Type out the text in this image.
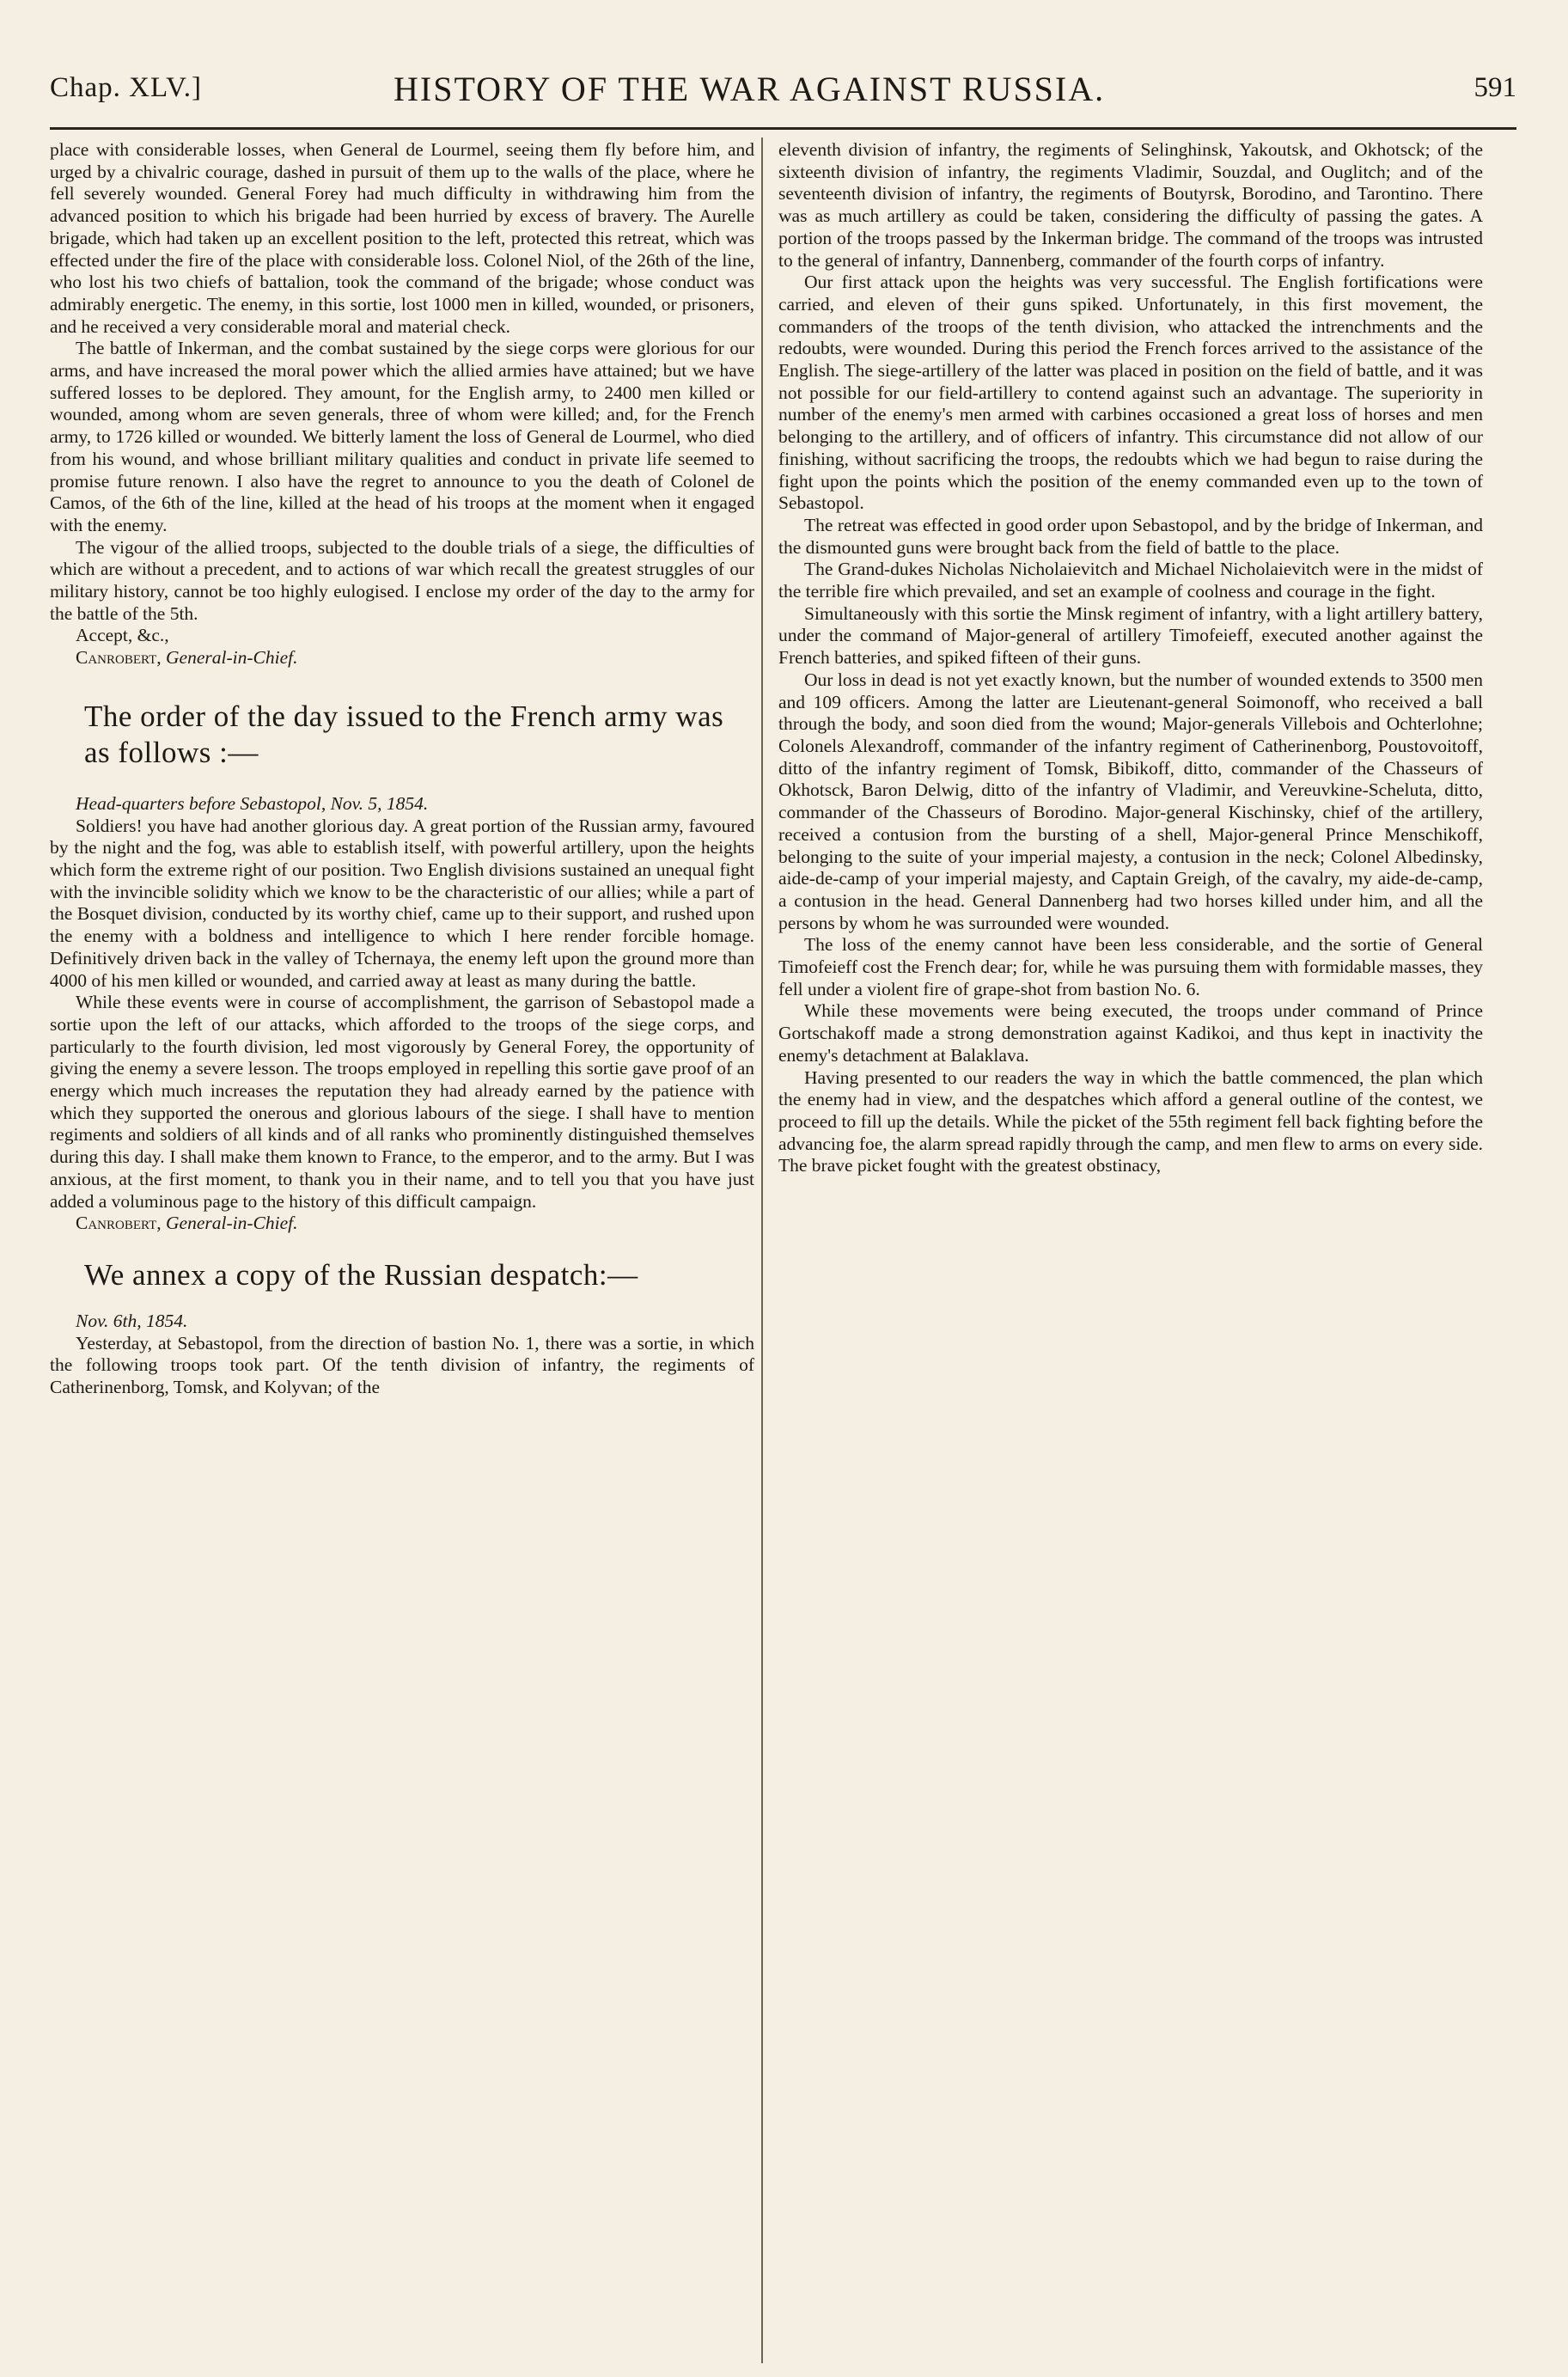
Chap. XLV.]	HISTORY OF THE WAR AGAINST RUSSIA.	591

place with considerable losses, when General de Lourmel, seeing them fly before him, and urged by a chivalric courage, dashed in pursuit of them up to the walls of the place, where he fell severely wounded. General Forey had much difficulty in withdrawing him from the advanced position to which his brigade had been hurried by excess of bravery. The Aurelle brigade, which had taken up an excellent position to the left, protected this retreat, which was effected under the fire of the place with considerable loss. Colonel Niol, of the 26th of the line, who lost his two chiefs of battalion, took the command of the brigade; whose conduct was admirably energetic. The enemy, in this sortie, lost 1000 men in killed, wounded, or prisoners, and he received a very considerable moral and material check.

The battle of Inkerman, and the combat sustained by the siege corps were glorious for our arms, and have increased the moral power which the allied armies have attained; but we have suffered losses to be deplored. They amount, for the English army, to 2400 men killed or wounded, among whom are seven generals, three of whom were killed; and, for the French army, to 1726 killed or wounded. We bitterly lament the loss of General de Lourmel, who died from his wound, and whose brilliant military qualities and conduct in private life seemed to promise future renown. I also have the regret to announce to you the death of Colonel de Camos, of the 6th of the line, killed at the head of his troops at the moment when it engaged with the enemy.

The vigour of the allied troops, subjected to the double trials of a siege, the difficulties of which are without a precedent, and to actions of war which recall the greatest struggles of our military history, cannot be too highly eulogised. I enclose my order of the day to the army for the battle of the 5th.

Accept, &c.,

Canrobert, General-in-Chief.

The order of the day issued to the French army was as follows :—

Head-quarters before Sebastopol, Nov. 5, 1854.

Soldiers! you have had another glorious day. A great portion of the Russian army, favoured by the night and the fog, was able to establish itself, with powerful artillery, upon the heights which form the extreme right of our position. Two English divisions sustained an unequal fight with the invincible solidity which we know to be the characteristic of our allies; while a part of the Bosquet division, conducted by its worthy chief, came up to their support, and rushed upon the enemy with a boldness and intelligence to which I here render forcible homage. Definitively driven back in the valley of Tchernaya, the enemy left upon the ground more than 4000 of his men killed or wounded, and carried away at least as many during the battle.

While these events were in course of accomplishment, the garrison of Sebastopol made a sortie upon the left of our attacks, which afforded to the troops of the siege corps, and particularly to the fourth division, led most vigorously by General Forey, the opportunity of giving the enemy a severe lesson. The troops employed in repelling this sortie gave proof of an energy which much increases the reputation they had already earned by the patience with which they supported the onerous and glorious labours of the siege. I shall have to mention regiments and soldiers of all kinds and of all ranks who prominently distinguished themselves during this day. I shall make them known to France, to the emperor, and to the army. But I was anxious, at the first moment, to thank you in their name, and to tell you that you have just added a voluminous page to the history of this difficult campaign.

Canrobert, General-in-Chief.

We annex a copy of the Russian despatch:—

Nov. 6th, 1854.

Yesterday, at Sebastopol, from the direction of bastion No. 1, there was a sortie, in which the following troops took part. Of the tenth division of infantry, the regiments of Catherinenborg, Tomsk, and Kolyvan; of the

eleventh division of infantry, the regiments of Selinghinsk, Yakoutsk, and Okhotsck; of the sixteenth division of infantry, the regiments Vladimir, Souzdal, and Ouglitch; and of the seventeenth division of infantry, the regiments of Boutyrsk, Borodino, and Tarontino. There was as much artillery as could be taken, considering the difficulty of passing the gates. A portion of the troops passed by the Inkerman bridge. The command of the troops was intrusted to the general of infantry, Dannenberg, commander of the fourth corps of infantry.

Our first attack upon the heights was very successful. The English fortifications were carried, and eleven of their guns spiked. Unfortunately, in this first movement, the commanders of the troops of the tenth division, who attacked the intrenchments and the redoubts, were wounded. During this period the French forces arrived to the assistance of the English. The siege-artillery of the latter was placed in position on the field of battle, and it was not possible for our field-artillery to contend against such an advantage. The superiority in number of the enemy's men armed with carbines occasioned a great loss of horses and men belonging to the artillery, and of officers of infantry. This circumstance did not allow of our finishing, without sacrificing the troops, the redoubts which we had begun to raise during the fight upon the points which the position of the enemy commanded even up to the town of Sebastopol.

The retreat was effected in good order upon Sebastopol, and by the bridge of Inkerman, and the dismounted guns were brought back from the field of battle to the place.

The Grand-dukes Nicholas Nicholaievitch and Michael Nicholaievitch were in the midst of the terrible fire which prevailed, and set an example of coolness and courage in the fight.

Simultaneously with this sortie the Minsk regiment of infantry, with a light artillery battery, under the command of Major-general of artillery Timofeieff, executed another against the French batteries, and spiked fifteen of their guns.

Our loss in dead is not yet exactly known, but the number of wounded extends to 3500 men and 109 officers. Among the latter are Lieutenant-general Soimonoff, who received a ball through the body, and soon died from the wound; Major-generals Villebois and Ochterlohne; Colonels Alexandroff, commander of the infantry regiment of Catherinenborg, Poustovoitoff, ditto of the infantry regiment of Tomsk, Bibikoff, ditto, commander of the Chasseurs of Okhotsck, Baron Delwig, ditto of the infantry of Vladimir, and Vereuvkine-Scheluta, ditto, commander of the Chasseurs of Borodino. Major-general Kischinsky, chief of the artillery, received a contusion from the bursting of a shell, Major-general Prince Menschikoff, belonging to the suite of your imperial majesty, a contusion in the neck; Colonel Albedinsky, aide-de-camp of your imperial majesty, and Captain Greigh, of the cavalry, my aide-de-camp, a contusion in the head. General Dannenberg had two horses killed under him, and all the persons by whom he was surrounded were wounded.

The loss of the enemy cannot have been less considerable, and the sortie of General Timofeieff cost the French dear; for, while he was pursuing them with formidable masses, they fell under a violent fire of grape-shot from bastion No. 6.

While these movements were being executed, the troops under command of Prince Gortschakoff made a strong demonstration against Kadikoi, and thus kept in inactivity the enemy's detachment at Balaklava.

Having presented to our readers the way in which the battle commenced, the plan which the enemy had in view, and the despatches which afford a general outline of the contest, we proceed to fill up the details. While the picket of the 55th regiment fell back fighting before the advancing foe, the alarm spread rapidly through the camp, and men flew to arms on every side. The brave picket fought with the greatest obstinacy,
